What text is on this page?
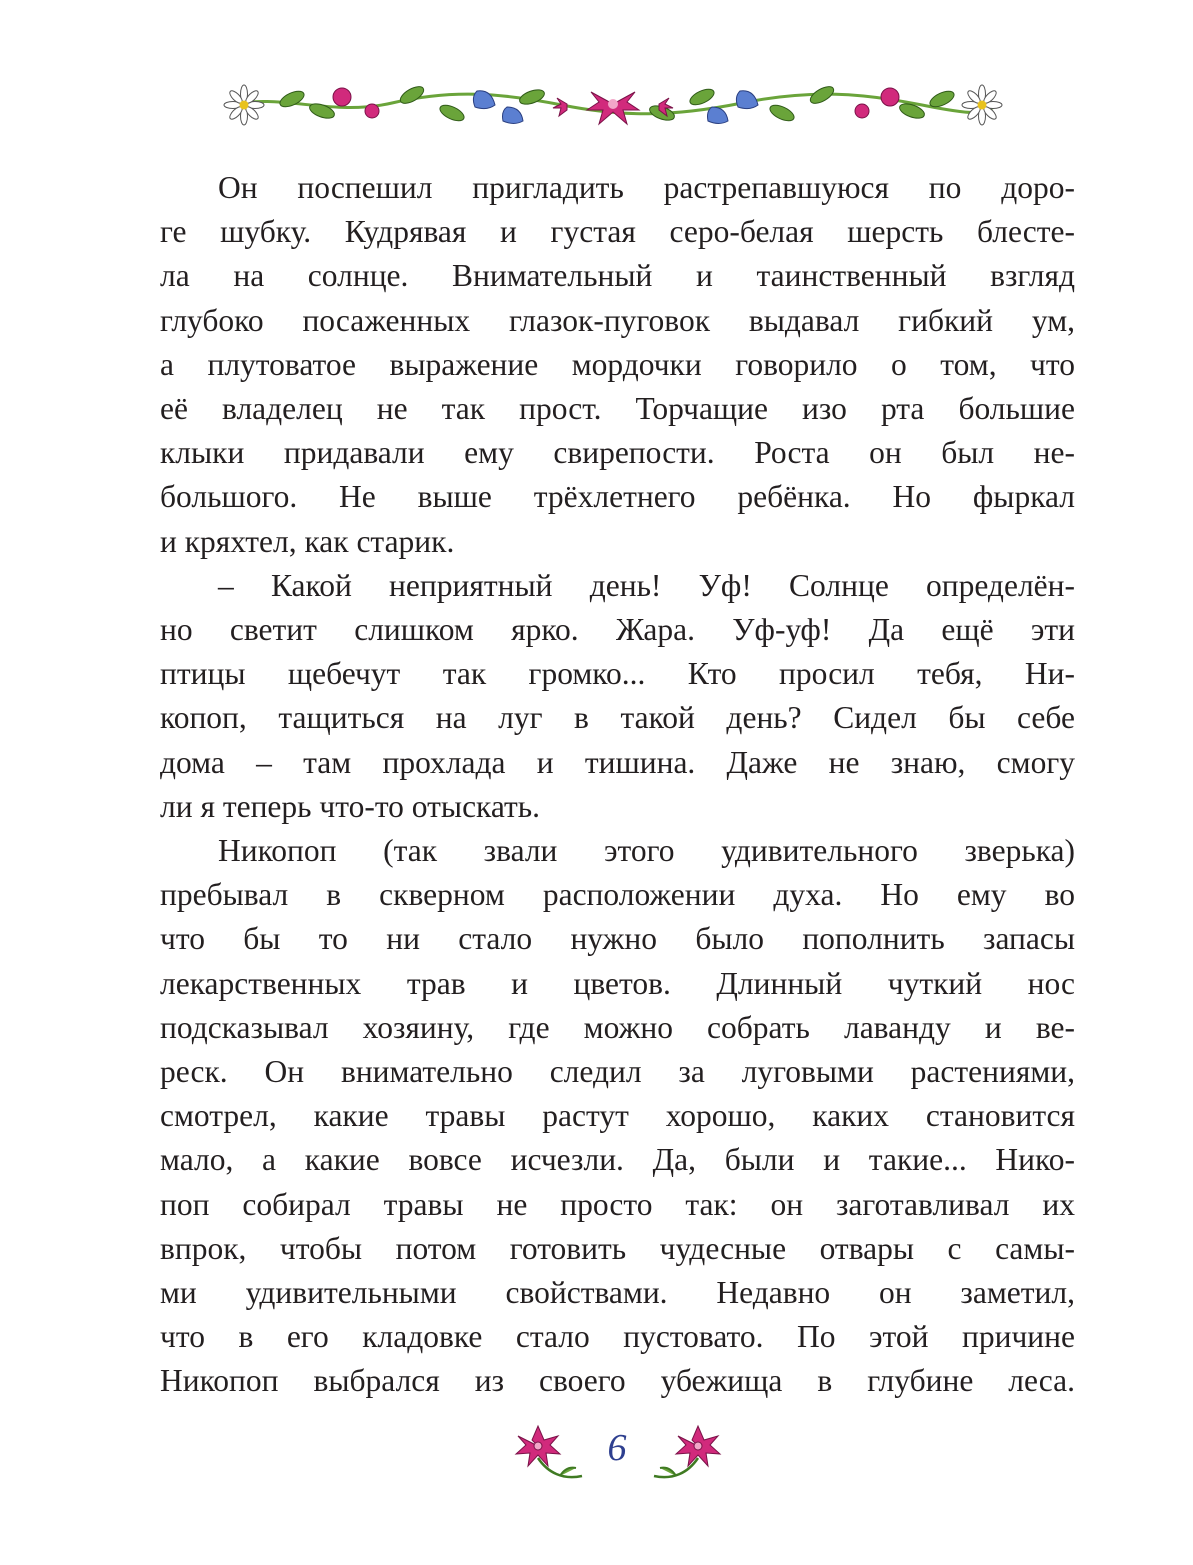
Он поспешил пригладить растрепавшуюся по доро-
ге шубку. Кудрявая и густая серо-белая шерсть блесте-
ла на солнце. Внимательный и таинственный взгляд
глубоко посаженных глазок-пуговок выдавал гибкий ум,
а плутоватое выражение мордочки говорило о том, что
её владелец не так прост. Торчащие изо рта большие
клыки придавали ему свирепости. Роста он был не-
большого. Не выше трёхлетнего ребёнка. Но фыркал
и кряхтел, как старик.

– Какой неприятный день! Уф! Солнце определён-
но светит слишком ярко. Жара. Уф-уф! Да ещё эти
птицы щебечут так громко... Кто просил тебя, Ни-
копоп, тащиться на луг в такой день? Сидел бы себе
дома – там прохлада и тишина. Даже не знаю, смогу
ли я теперь что-то отыскать.

Никопоп (так звали этого удивительного зверька)
пребывал в скверном расположении духа. Но ему во
что бы то ни стало нужно было пополнить запасы
лекарственных трав и цветов. Длинный чуткий нос
подсказывал хозяину, где можно собрать лаванду и ве-
реск. Он внимательно следил за луговыми растениями,
смотрел, какие травы растут хорошо, каких становится
мало, а какие вовсе исчезли. Да, были и такие... Нико-
поп собирал травы не просто так: он заготавливал их
впрок, чтобы потом готовить чудесные отвары с самы-
ми удивительными свойствами. Недавно он заметил,
что в его кладовке стало пустовато. По этой причине
Никопоп выбрался из своего убежища в глубине леса.

6
